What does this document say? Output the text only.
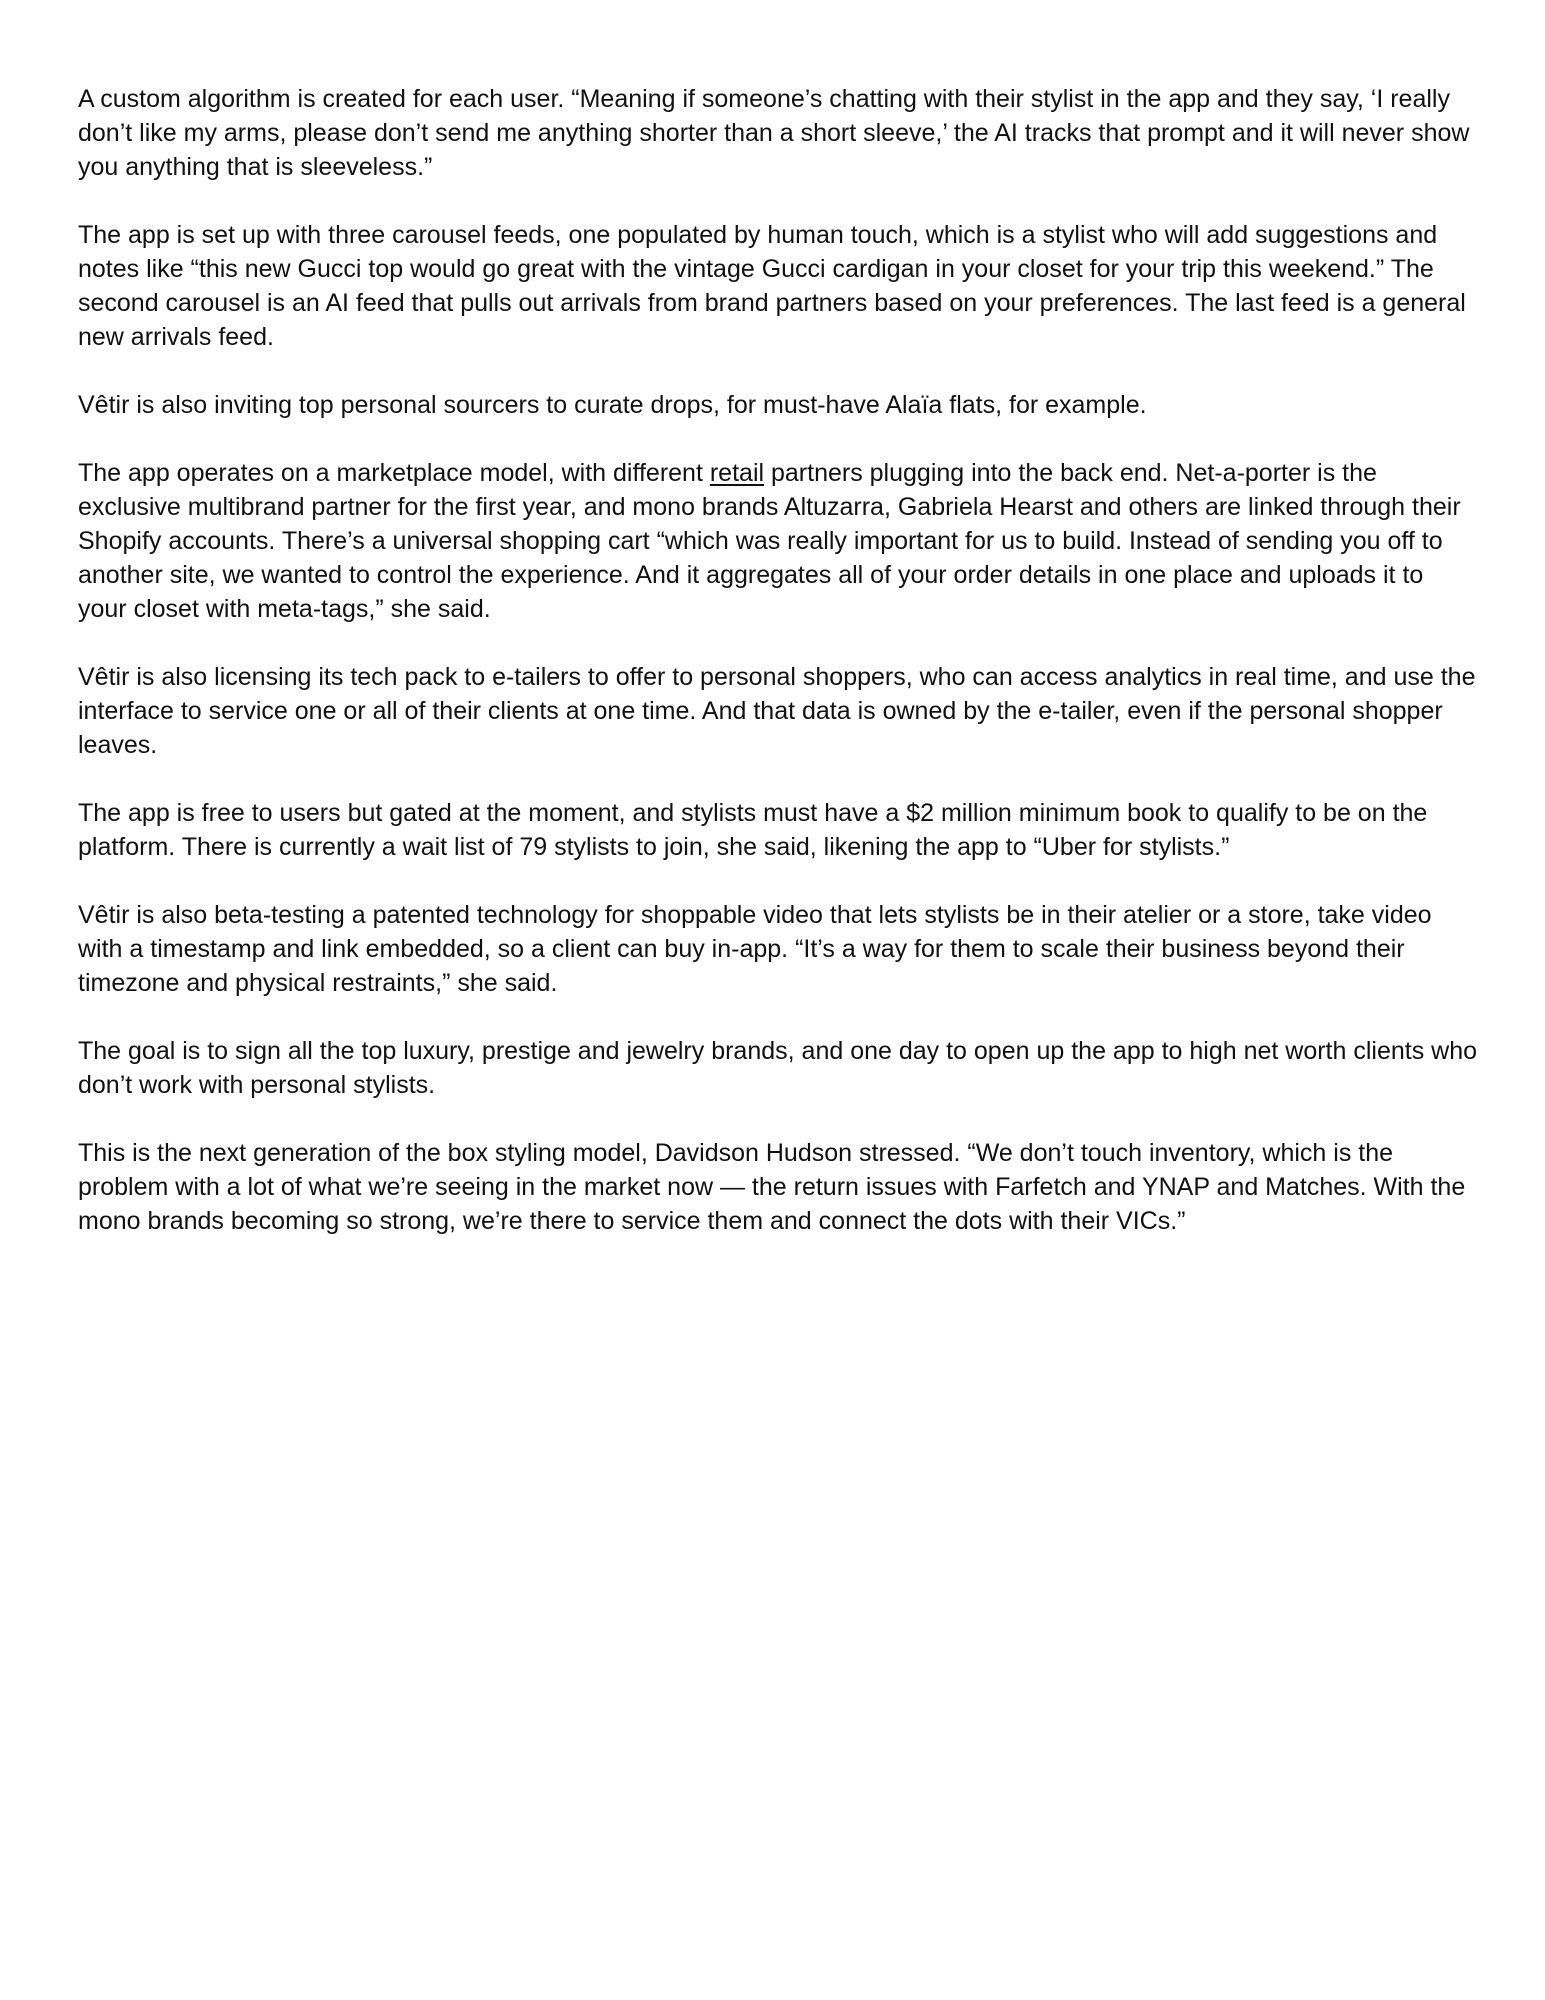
A custom algorithm is created for each user. “Meaning if someone’s chatting with their stylist in the app and they say, ‘I really don’t like my arms, please don’t send me anything shorter than a short sleeve,’ the AI tracks that prompt and it will never show you anything that is sleeveless.”

The app is set up with three carousel feeds, one populated by human touch, which is a stylist who will add suggestions and notes like “this new Gucci top would go great with the vintage Gucci cardigan in your closet for your trip this weekend.” The second carousel is an AI feed that pulls out arrivals from brand partners based on your preferences. The last feed is a general new arrivals feed.

Vêtir is also inviting top personal sourcers to curate drops, for must-have Alaïa flats, for example.

The app operates on a marketplace model, with different retail partners plugging into the back end. Net-a-porter is the exclusive multibrand partner for the first year, and mono brands Altuzarra, Gabriela Hearst and others are linked through their Shopify accounts. There’s a universal shopping cart “which was really important for us to build. Instead of sending you off to another site, we wanted to control the experience. And it aggregates all of your order details in one place and uploads it to your closet with meta-tags,” she said.

Vêtir is also licensing its tech pack to e-tailers to offer to personal shoppers, who can access analytics in real time, and use the interface to service one or all of their clients at one time. And that data is owned by the e-tailer, even if the personal shopper leaves.

The app is free to users but gated at the moment, and stylists must have a $2 million minimum book to qualify to be on the platform. There is currently a wait list of 79 stylists to join, she said, likening the app to “Uber for stylists.”

Vêtir is also beta-testing a patented technology for shoppable video that lets stylists be in their atelier or a store, take video with a timestamp and link embedded, so a client can buy in-app. “It’s a way for them to scale their business beyond their timezone and physical restraints,” she said.

The goal is to sign all the top luxury, prestige and jewelry brands, and one day to open up the app to high net worth clients who don’t work with personal stylists.

This is the next generation of the box styling model, Davidson Hudson stressed. “We don’t touch inventory, which is the problem with a lot of what we’re seeing in the market now — the return issues with Farfetch and YNAP and Matches. With the mono brands becoming so strong, we’re there to service them and connect the dots with their VICs.”
